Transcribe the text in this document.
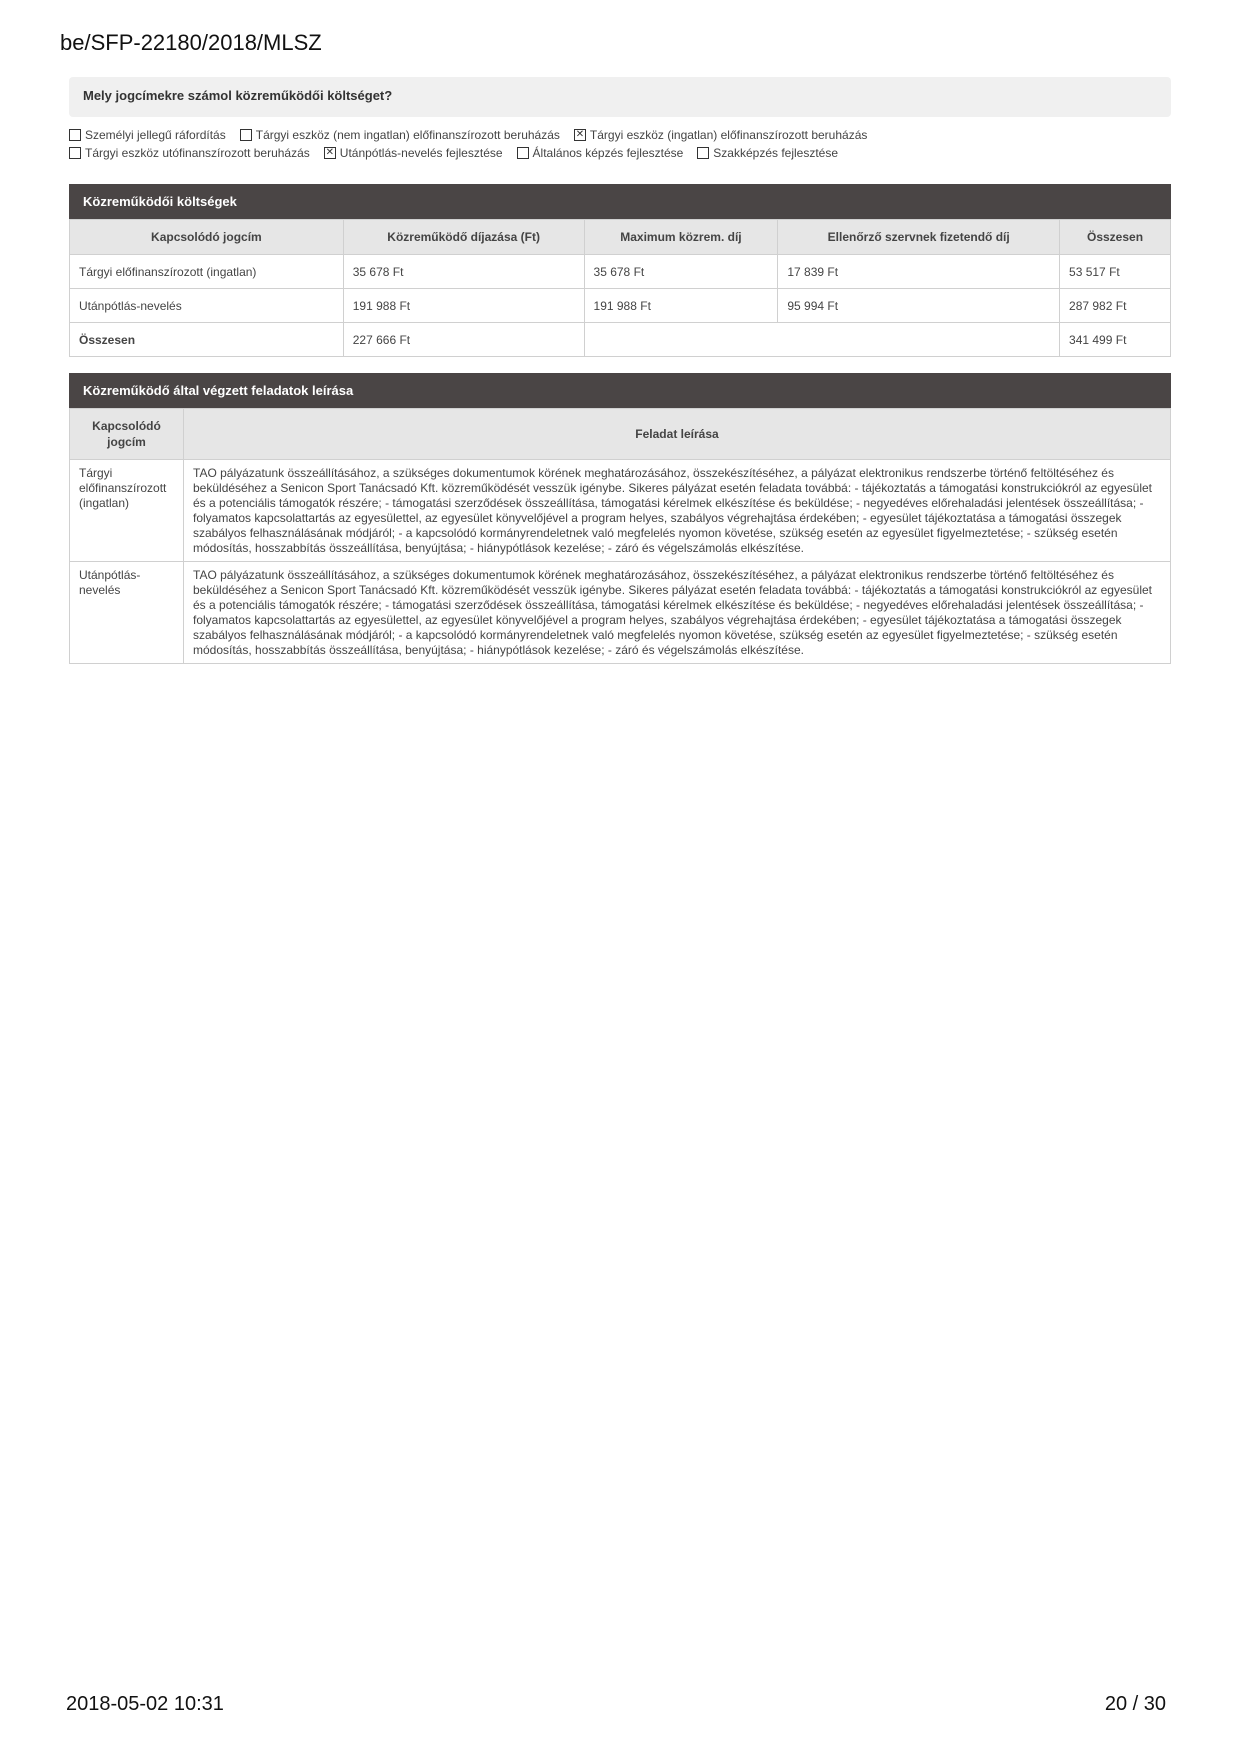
be/SFP-22180/2018/MLSZ
Mely jogcímekre számol közreműködői költséget?
Személyi jellegű ráfordítás	Tárgyi eszköz (nem ingatlan) előfinanszírozott beruházás ✕ Tárgyi eszköz (ingatlan) előfinanszírozott beruházás
Tárgyi eszköz utófinanszírozott beruházás ✕ Utánpótlás-nevelés fejlesztése	Általános képzés fejlesztése	Szakképzés fejlesztése
Közreműködői költségek
Kapcsolódó jogcím	Közreműködő díjazása (Ft)	Maximum közrem. díj	Ellenőrző szervnek fizetendő díj	Összesen
Tárgyi előfinanszírozott (ingatlan)	35 678 Ft	35 678 Ft	17 839 Ft	53 517 Ft
Utánpótlás-nevelés	191 988 Ft	191 988 Ft	95 994 Ft	287 982 Ft
Összesen	227 666 Ft			341 499 Ft
Közreműködő által végzett feladatok leírása
Kapcsolódó jogcím	Feladat leírása
Tárgyi előfinanszírozott (ingatlan)	TAO pályázatunk összeállításához, a szükséges dokumentumok körének meghatározásához, összekészítéséhez, a pályázat elektronikus rendszerbe történő feltöltéséhez és beküldéséhez a Senicon Sport Tanácsadó Kft. közreműködését vesszük igénybe. Sikeres pályázat esetén feladata továbbá: - tájékoztatás a támogatási konstrukciókról az egyesület és a potenciális támogatók részére; - támogatási szerződések összeállítása, támogatási kérelmek elkészítése és beküldése; - negyedéves előrehaladási jelentések összeállítása; - folyamatos kapcsolattartás az egyesülettel, az egyesület könyvelőjével a program helyes, szabályos végrehajtása érdekében; - egyesület tájékoztatása a támogatási összegek szabályos felhasználásának módjáról; - a kapcsolódó kormányrendeletnek való megfelelés nyomon követése, szükség esetén az egyesület figyelmeztetése; - szükség esetén módosítás, hosszabbítás összeállítása, benyújtása; - hiánypótlások kezelése; - záró és végelszámolás elkészítése.
Utánpótlás-nevelés	TAO pályázatunk összeállításához, a szükséges dokumentumok körének meghatározásához, összekészítéséhez, a pályázat elektronikus rendszerbe történő feltöltéséhez és beküldéséhez a Senicon Sport Tanácsadó Kft. közreműködését vesszük igénybe. Sikeres pályázat esetén feladata továbbá: - tájékoztatás a támogatási konstrukciókról az egyesület és a potenciális támogatók részére; - támogatási szerződések összeállítása, támogatási kérelmek elkészítése és beküldése; - negyedéves előrehaladási jelentések összeállítása; - folyamatos kapcsolattartás az egyesülettel, az egyesület könyvelőjével a program helyes, szabályos végrehajtása érdekében; - egyesület tájékoztatása a támogatási összegek szabályos felhasználásának módjáról; - a kapcsolódó kormányrendeletnek való megfelelés nyomon követése, szükség esetén az egyesület figyelmeztetése; - szükség esetén módosítás, hosszabbítás összeállítása, benyújtása; - hiánypótlások kezelése; - záró és végelszámolás elkészítése.
2018-05-02 10:31	20 / 30
